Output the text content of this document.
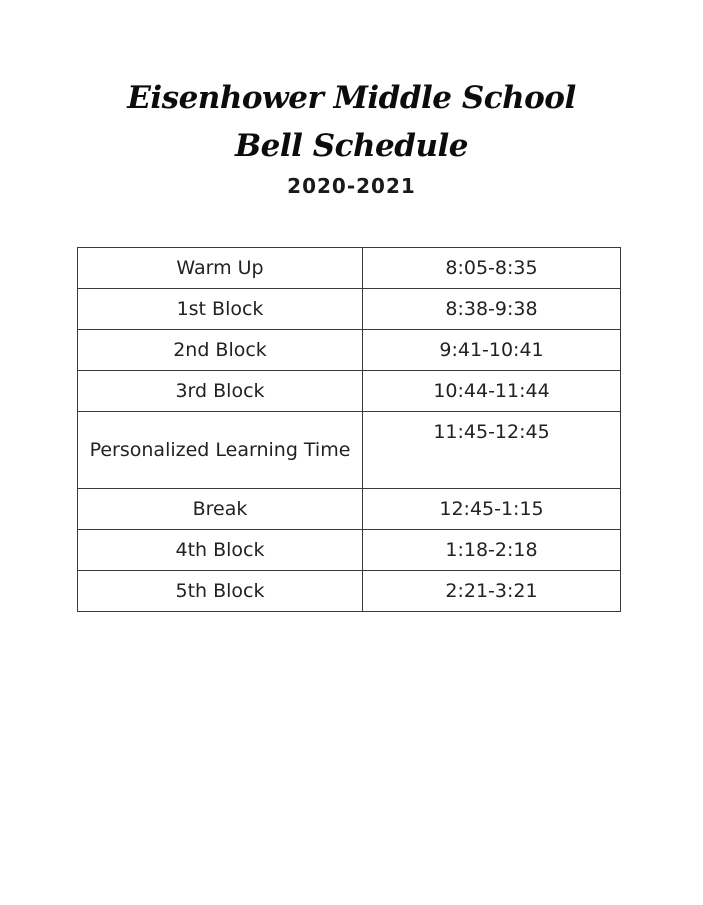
Eisenhower Middle School
Bell Schedule
2020-2021
Warm Up	8:05-8:35
1st Block	8:38-9:38
2nd Block	9:41-10:41
3rd Block	10:44-11:44
Personalized Learning Time	11:45-12:45
Break	12:45-1:15
4th Block	1:18-2:18
5th Block	2:21-3:21
